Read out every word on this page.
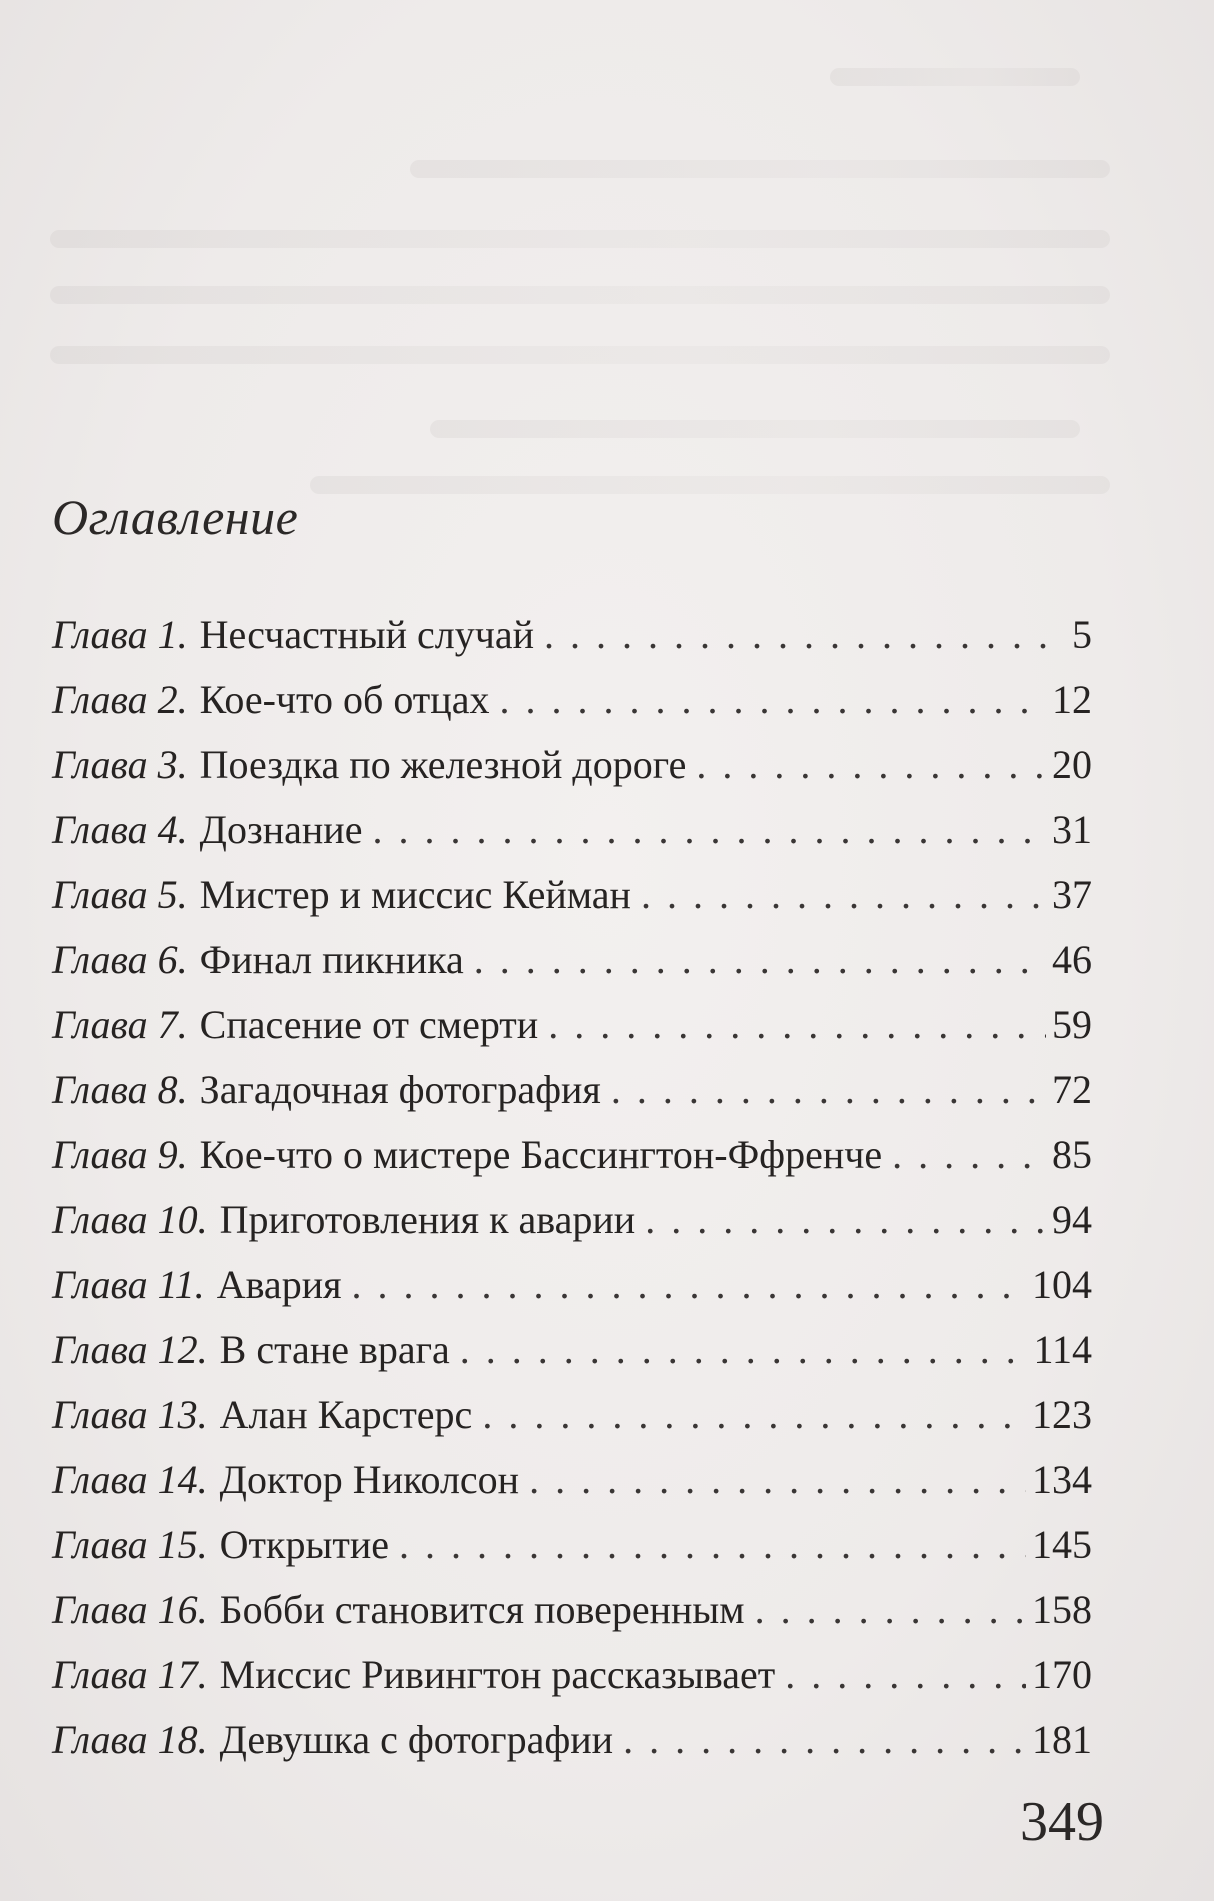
Оглавление
Глава 1. Несчастный случай . . .	5
Глава 2. Кое-что об отцах . . .	12
Глава 3. Поездка по железной дороге . . .	20
Глава 4. Дознание . . .	31
Глава 5. Мистер и миссис Кейман . . .	37
Глава 6. Финал пикника . . .	46
Глава 7. Спасение от смерти . . .	59
Глава 8. Загадочная фотография . . .	72
Глава 9. Кое-что о мистере Бассингтон-Ффренче . . .	85
Глава 10. Приготовления к аварии . . .	94
Глава 11. Авария . . .	104
Глава 12. В стане врага . . .	114
Глава 13. Алан Карстерс . . .	123
Глава 14. Доктор Николсон . . .	134
Глава 15. Открытие . . .	145
Глава 16. Бобби становится поверенным . . .	158
Глава 17. Миссис Ривингтон рассказывает . . .	170
Глава 18. Девушка с фотографии . . .	181
349
